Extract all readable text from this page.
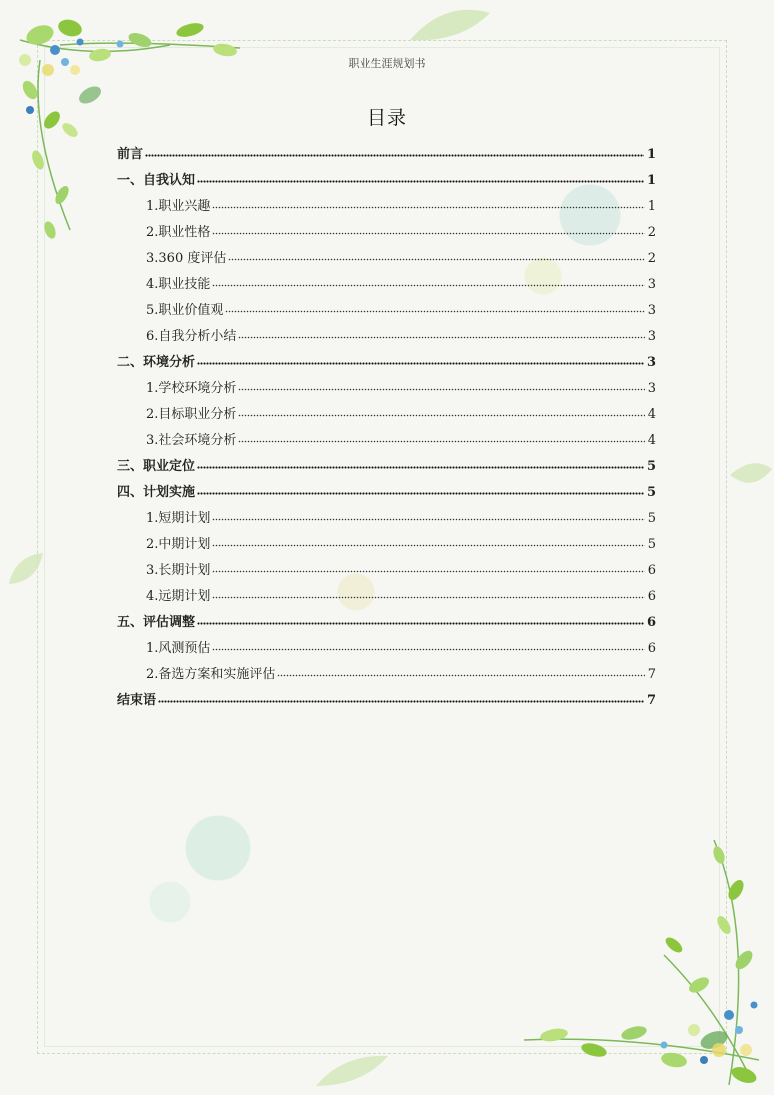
职业生涯规划书
目录
前言	1
一、自我认知	1
1.职业兴趣	1
2.职业性格	2
3.360 度评估	2
4.职业技能	3
5.职业价值观	3
6.自我分析小结	3
二、环境分析	3
1.学校环境分析	3
2.目标职业分析	4
3.社会环境分析	4
三、职业定位	5
四、计划实施	5
1.短期计划	5
2.中期计划	5
3.长期计划	6
4.远期计划	6
五、评估调整	6
1.风测预估	6
2.备选方案和实施评估	7
结束语	7
